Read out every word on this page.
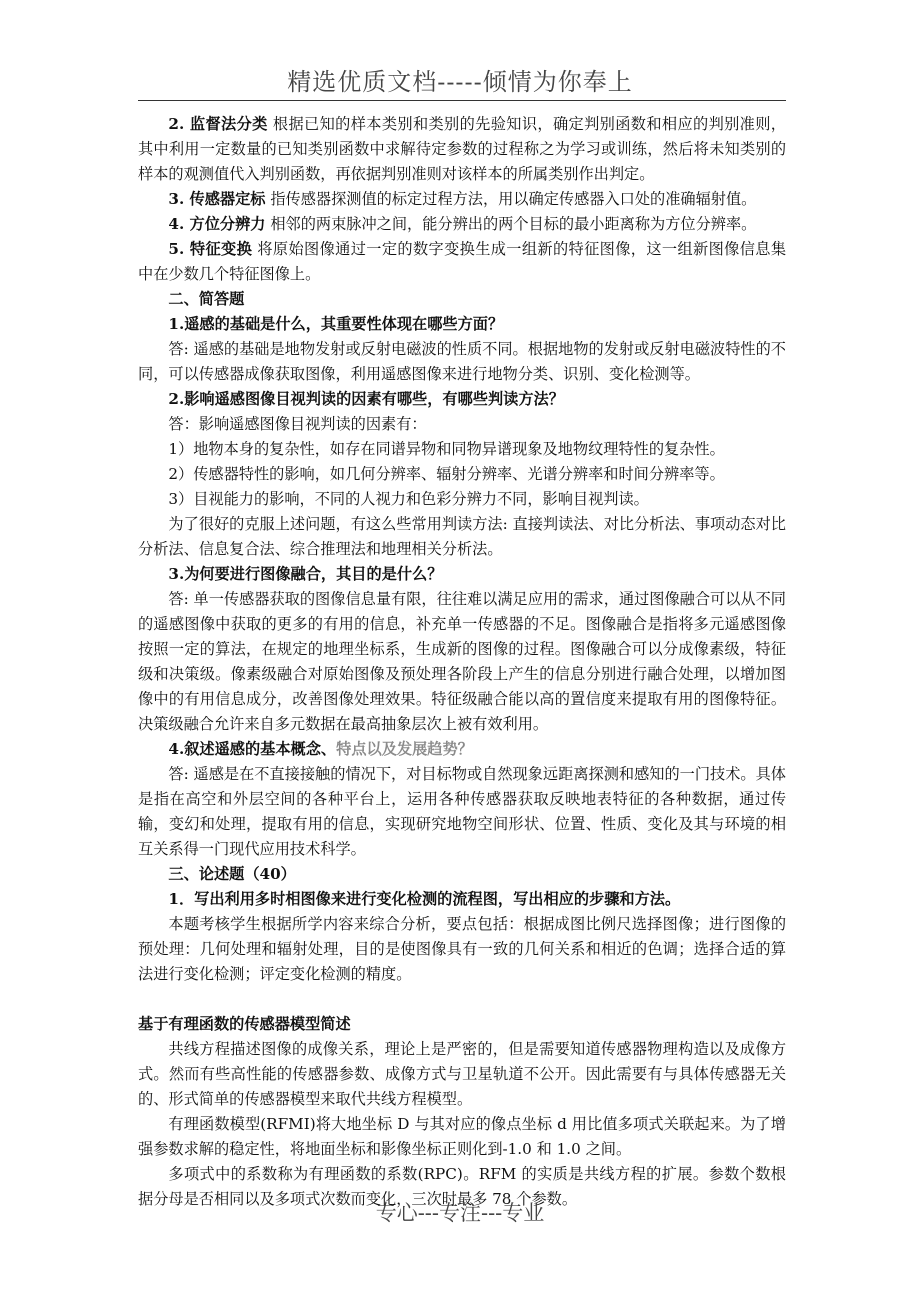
精选优质文档-----倾情为你奉上

2. 监督法分类 根据已知的样本类别和类别的先验知识，确定判别函数和相应的判别准则，其中利用一定数量的已知类别函数中求解待定参数的过程称之为学习或训练，然后将未知类别的样本的观测值代入判别函数，再依据判别准则对该样本的所属类别作出判定。

3. 传感器定标 指传感器探测值的标定过程方法，用以确定传感器入口处的准确辐射值。

4. 方位分辨力 相邻的两束脉冲之间，能分辨出的两个目标的最小距离称为方位分辨率。

5. 特征变换 将原始图像通过一定的数字变换生成一组新的特征图像，这一组新图像信息集中在少数几个特征图像上。

二、简答题

1.遥感的基础是什么，其重要性体现在哪些方面？

答: 遥感的基础是地物发射或反射电磁波的性质不同。根据地物的发射或反射电磁波特性的不同，可以传感器成像获取图像，利用遥感图像来进行地物分类、识别、变化检测等。

2.影响遥感图像目视判读的因素有哪些，有哪些判读方法？

答：影响遥感图像目视判读的因素有：

1）地物本身的复杂性，如存在同谱异物和同物异谱现象及地物纹理特性的复杂性。

2）传感器特性的影响，如几何分辨率、辐射分辨率、光谱分辨率和时间分辨率等。

3）目视能力的影响，不同的人视力和色彩分辨力不同，影响目视判读。

为了很好的克服上述问题，有这么些常用判读方法: 直接判读法、对比分析法、事项动态对比分析法、信息复合法、综合推理法和地理相关分析法。

3.为何要进行图像融合，其目的是什么？

答: 单一传感器获取的图像信息量有限，往往难以满足应用的需求，通过图像融合可以从不同的遥感图像中获取的更多的有用的信息，补充单一传感器的不足。图像融合是指将多元遥感图像按照一定的算法，在规定的地理坐标系，生成新的图像的过程。图像融合可以分成像素级，特征级和决策级。像素级融合对原始图像及预处理各阶段上产生的信息分别进行融合处理，以增加图像中的有用信息成分，改善图像处理效果。特征级融合能以高的置信度来提取有用的图像特征。决策级融合允许来自多元数据在最高抽象层次上被有效利用。

4.叙述遥感的基本概念、特点以及发展趋势？

答: 遥感是在不直接接触的情况下，对目标物或自然现象远距离探测和感知的一门技术。具体是指在高空和外层空间的各种平台上，运用各种传感器获取反映地表特征的各种数据，通过传输，变幻和处理，提取有用的信息，实现研究地物空间形状、位置、性质、变化及其与环境的相互关系得一门现代应用技术科学。

三、论述题（40）

1．写出利用多时相图像来进行变化检测的流程图，写出相应的步骤和方法。

本题考核学生根据所学内容来综合分析，要点包括：根据成图比例尺选择图像；进行图像的预处理：几何处理和辐射处理，目的是使图像具有一致的几何关系和相近的色调；选择合适的算法进行变化检测；评定变化检测的精度。

基于有理函数的传感器模型简述

共线方程描述图像的成像关系，理论上是严密的，但是需要知道传感器物理构造以及成像方式。然而有些高性能的传感器参数、成像方式与卫星轨道不公开。因此需要有与具体传感器无关的、形式简单的传感器模型来取代共线方程模型。

有理函数模型(RFMI)将大地坐标 D 与其对应的像点坐标 d 用比值多项式关联起来。为了增强参数求解的稳定性，将地面坐标和影像坐标正则化到-1.0 和 1.0 之间。

多项式中的系数称为有理函数的系数(RPC)。RFM 的实质是共线方程的扩展。参数个数根据分母是否相同以及多项式次数而变化，三次时最多 78 个参数。

专心---专注---专业
